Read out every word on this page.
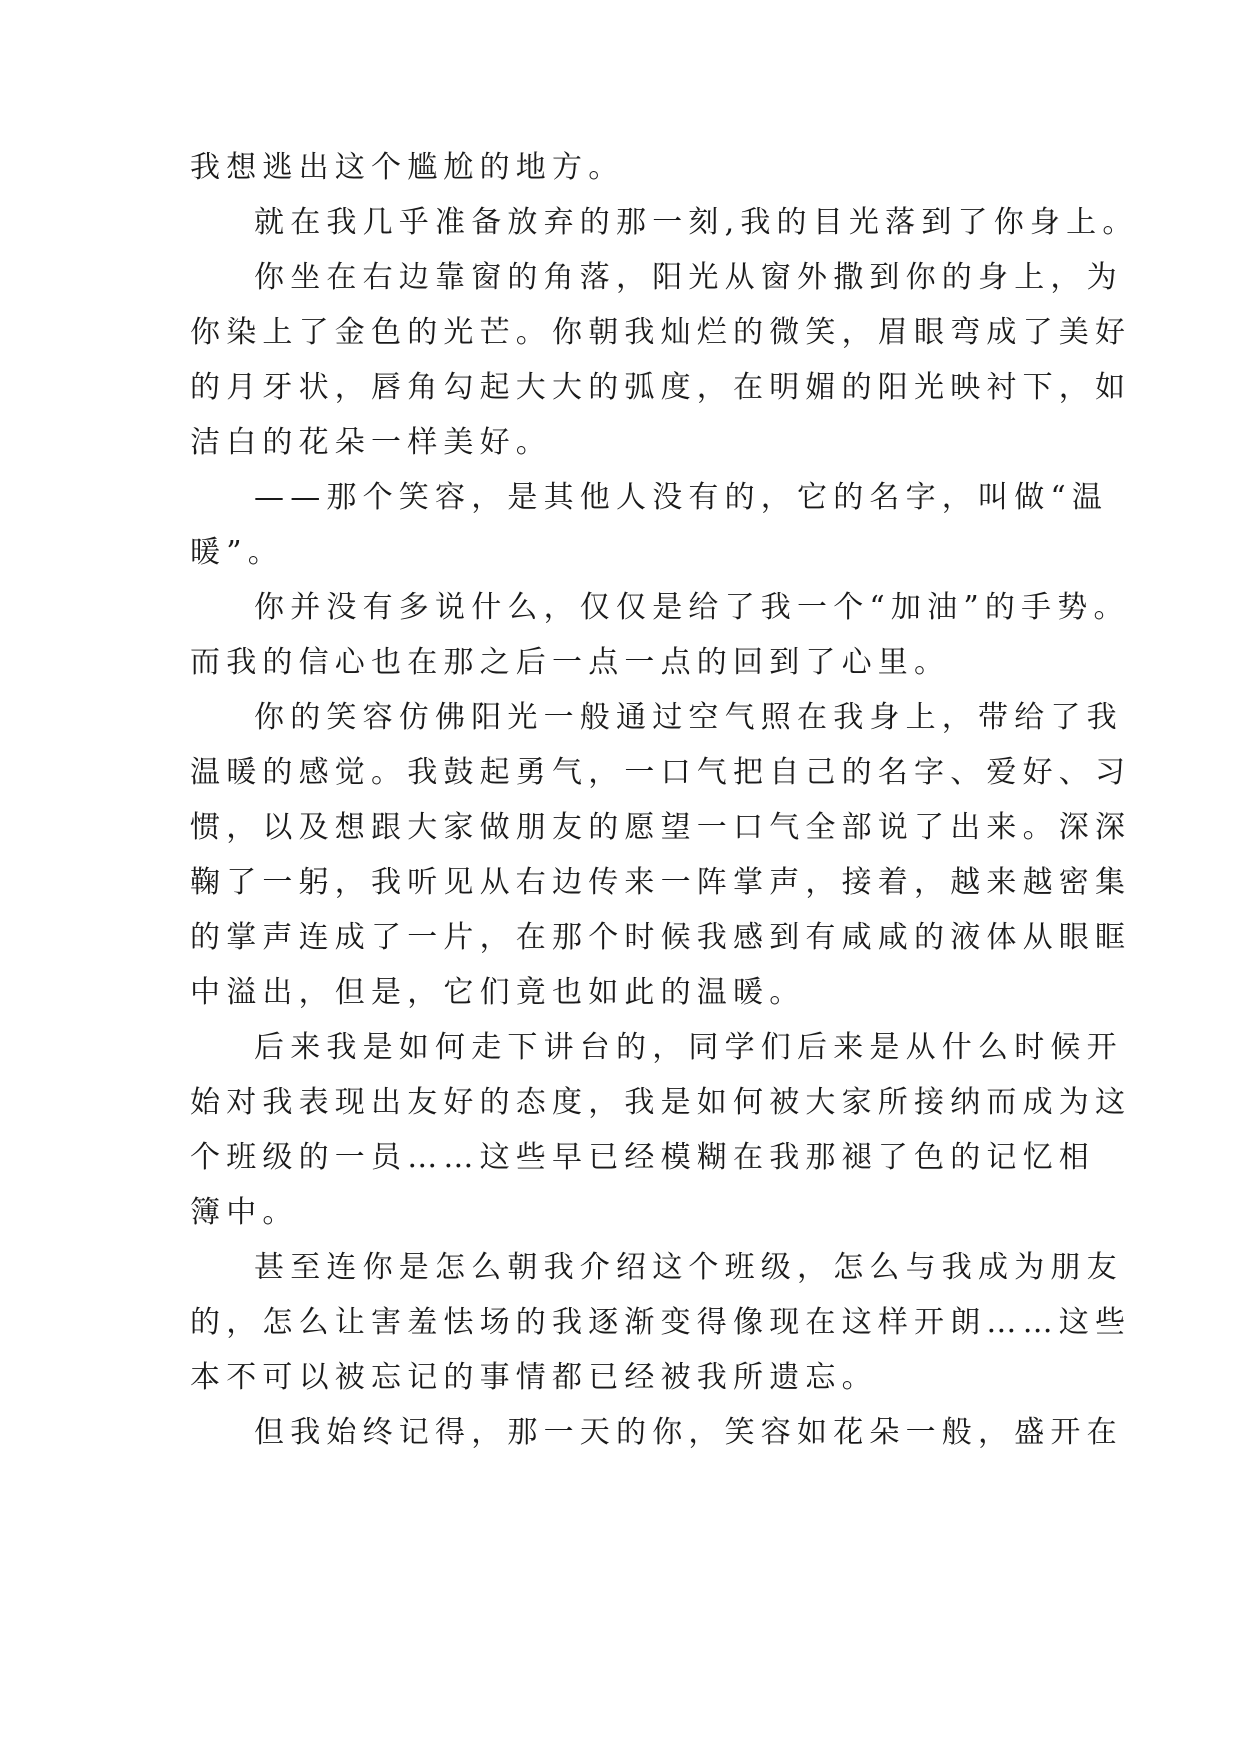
我想逃出这个尴尬的地方。
就在我几乎准备放弃的那一刻,我的目光落到了你身上。
你坐在右边靠窗的角落，阳光从窗外撒到你的身上，为
你染上了金色的光芒。你朝我灿烂的微笑，眉眼弯成了美好
的月牙状，唇角勾起大大的弧度，在明媚的阳光映衬下，如
洁白的花朵一样美好。
——那个笑容，是其他人没有的，它的名字，叫做“温
暖”。
你并没有多说什么，仅仅是给了我一个“加油”的手势。
而我的信心也在那之后一点一点的回到了心里。
你的笑容仿佛阳光一般通过空气照在我身上，带给了我
温暖的感觉。我鼓起勇气，一口气把自己的名字、爱好、习
惯，以及想跟大家做朋友的愿望一口气全部说了出来。深深
鞠了一躬，我听见从右边传来一阵掌声，接着，越来越密集
的掌声连成了一片，在那个时候我感到有咸咸的液体从眼眶
中溢出，但是，它们竟也如此的温暖。
后来我是如何走下讲台的，同学们后来是从什么时候开
始对我表现出友好的态度，我是如何被大家所接纳而成为这
个班级的一员……这些早已经模糊在我那褪了色的记忆相
簿中。
甚至连你是怎么朝我介绍这个班级，怎么与我成为朋友
的，怎么让害羞怯场的我逐渐变得像现在这样开朗……这些
本不可以被忘记的事情都已经被我所遗忘。
但我始终记得，那一天的你，笑容如花朵一般，盛开在
